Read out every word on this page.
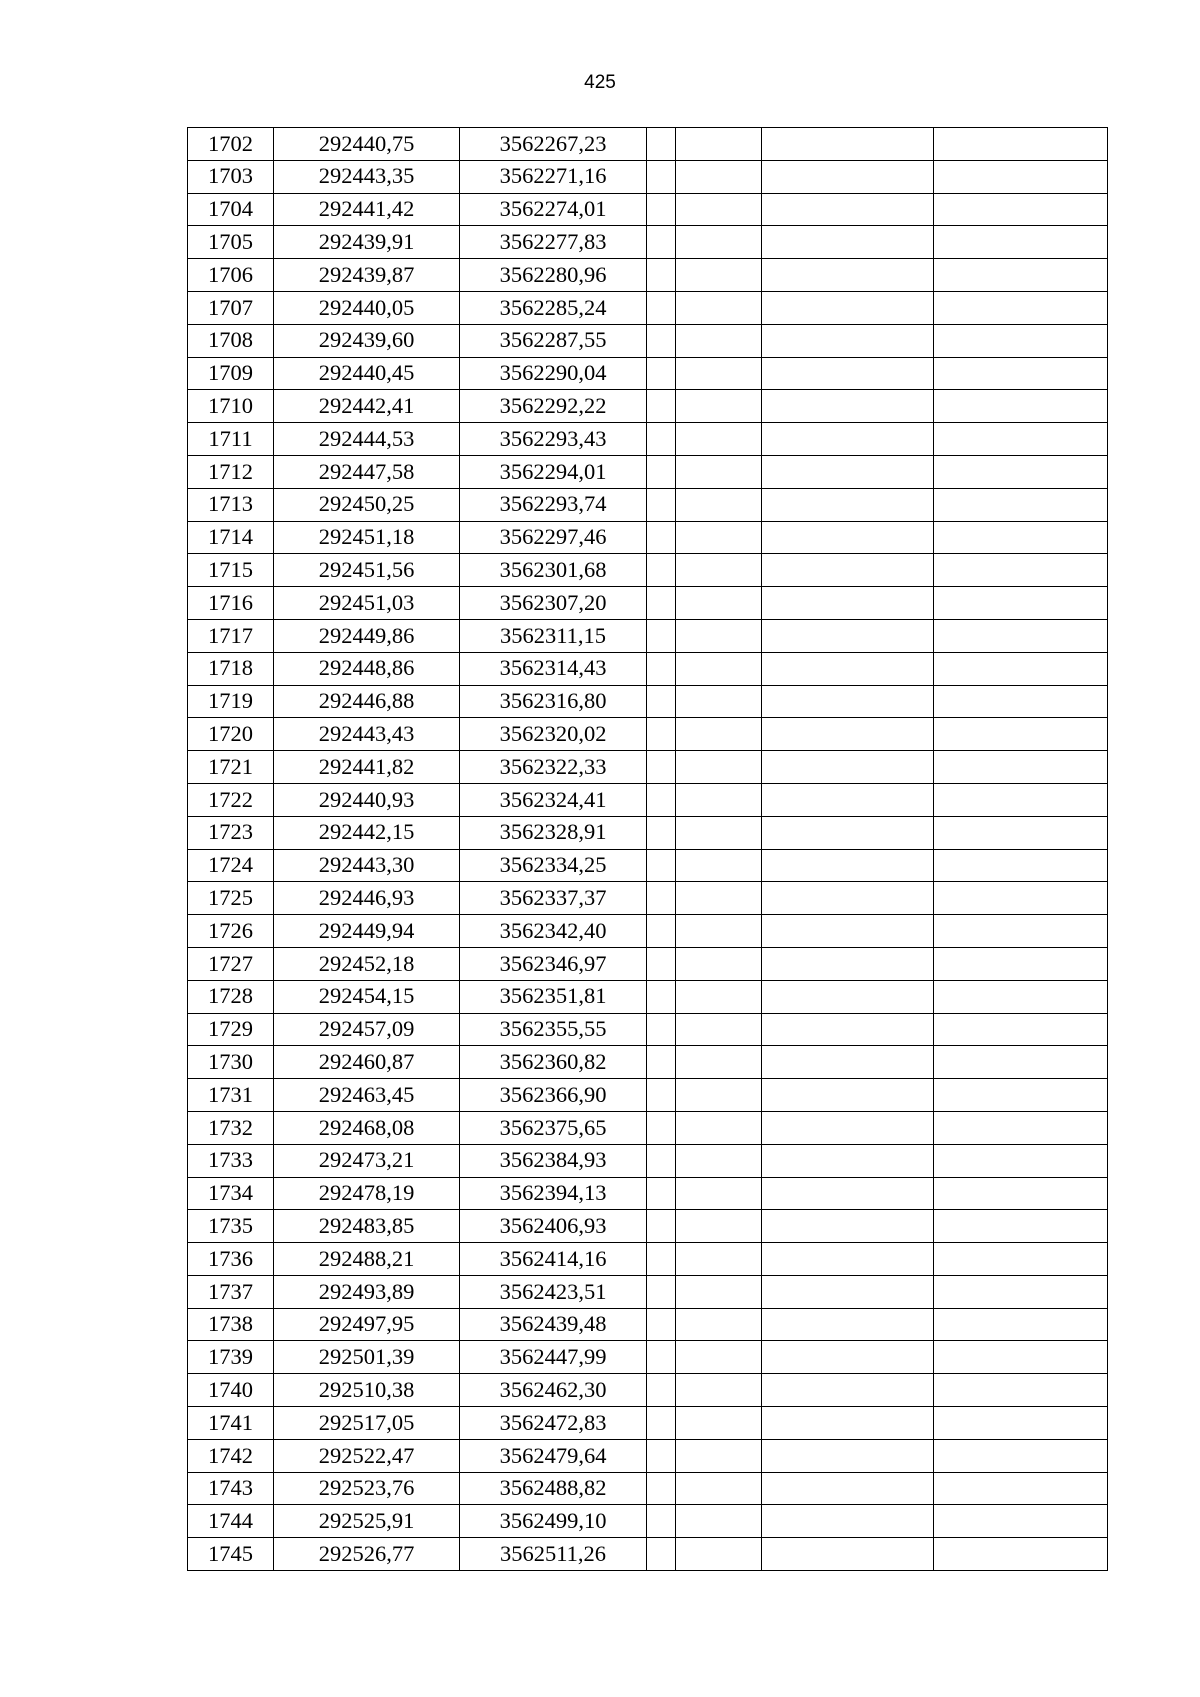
425
1702	292440,75	3562267,23				
1703	292443,35	3562271,16				
1704	292441,42	3562274,01				
1705	292439,91	3562277,83				
1706	292439,87	3562280,96				
1707	292440,05	3562285,24				
1708	292439,60	3562287,55				
1709	292440,45	3562290,04				
1710	292442,41	3562292,22				
1711	292444,53	3562293,43				
1712	292447,58	3562294,01				
1713	292450,25	3562293,74				
1714	292451,18	3562297,46				
1715	292451,56	3562301,68				
1716	292451,03	3562307,20				
1717	292449,86	3562311,15				
1718	292448,86	3562314,43				
1719	292446,88	3562316,80				
1720	292443,43	3562320,02				
1721	292441,82	3562322,33				
1722	292440,93	3562324,41				
1723	292442,15	3562328,91				
1724	292443,30	3562334,25				
1725	292446,93	3562337,37				
1726	292449,94	3562342,40				
1727	292452,18	3562346,97				
1728	292454,15	3562351,81				
1729	292457,09	3562355,55				
1730	292460,87	3562360,82				
1731	292463,45	3562366,90				
1732	292468,08	3562375,65				
1733	292473,21	3562384,93				
1734	292478,19	3562394,13				
1735	292483,85	3562406,93				
1736	292488,21	3562414,16				
1737	292493,89	3562423,51				
1738	292497,95	3562439,48				
1739	292501,39	3562447,99				
1740	292510,38	3562462,30				
1741	292517,05	3562472,83				
1742	292522,47	3562479,64				
1743	292523,76	3562488,82				
1744	292525,91	3562499,10				
1745	292526,77	3562511,26				
